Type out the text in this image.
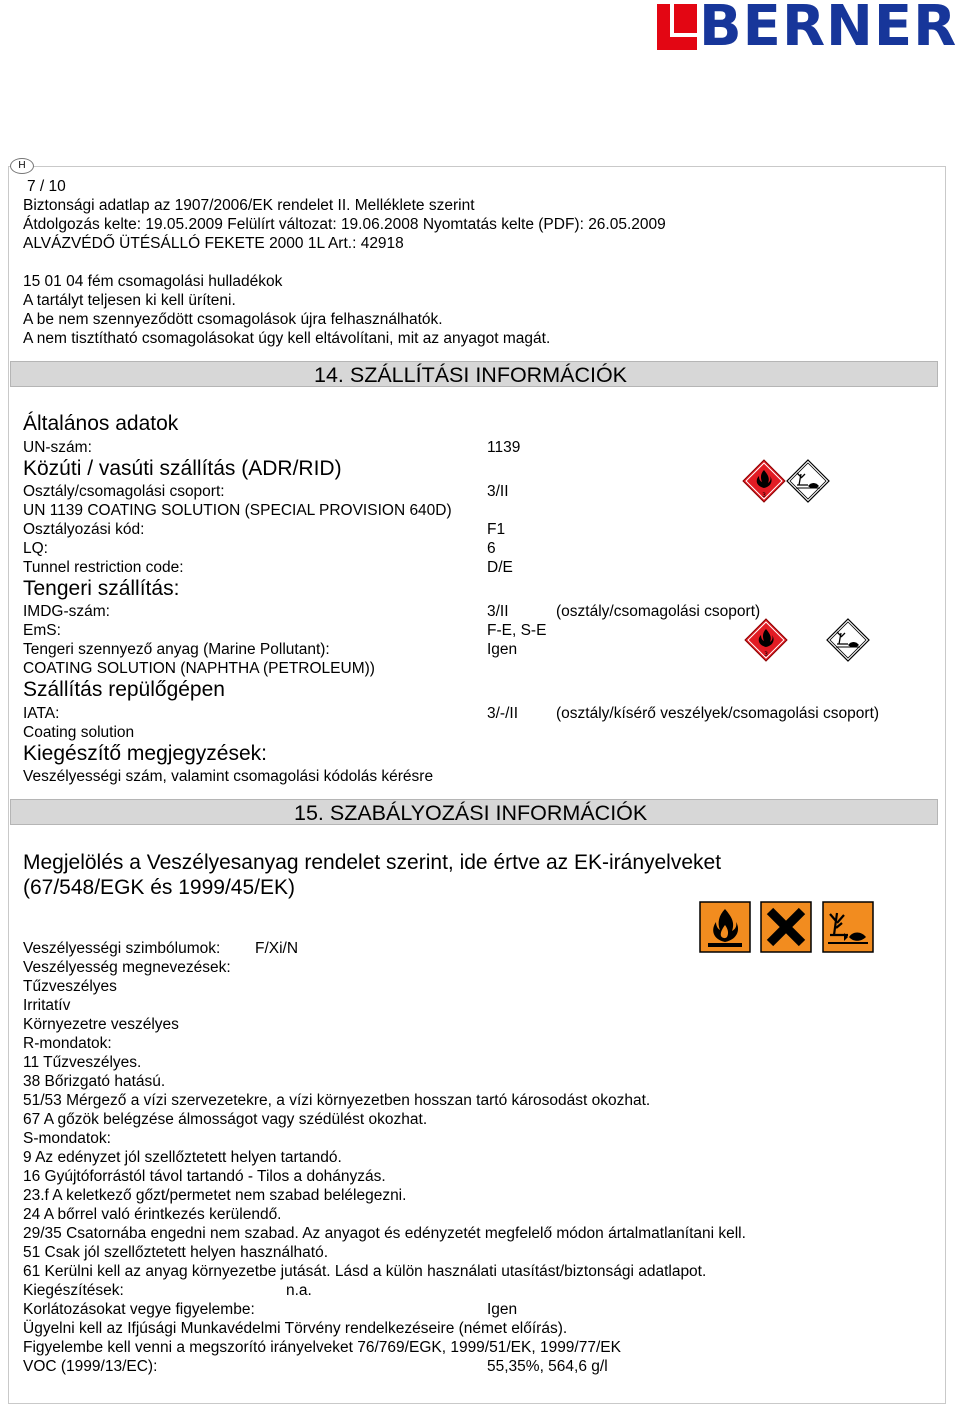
BERNER
H
7 / 10
Biztonsági adatlap az 1907/2006/EK rendelet II. Melléklete szerint
Átdolgozás kelte: 19.05.2009 Felülírt változat: 19.06.2008 Nyomtatás kelte (PDF): 26.05.2009
ALVÁZVÉDŐ ÜTÉSÁLLÓ FEKETE 2000 1L Art.: 42918
15 01 04 fém csomagolási hulladékok
A tartályt teljesen ki kell üríteni.
A be nem szennyeződött csomagolások újra felhasználhatók.
A nem tisztítható csomagolásokat úgy kell eltávolítani, mit az anyagot magát.
14. SZÁLLÍTÁSI INFORMÁCIÓK
Általános adatok
UN-szám:	1139
Közúti / vasúti szállítás (ADR/RID)
Osztály/csomagolási csoport:	3/II
UN 1139 COATING SOLUTION (SPECIAL PROVISION 640D)
Osztályozási kód:	F1
LQ:	6
Tunnel restriction code:	D/E
3
Tengeri szállítás:
IMDG-szám:	3/II	(osztály/csomagolási csoport)
EmS:	F-E, S-E
Tengeri szennyező anyag (Marine Pollutant):	Igen
COATING SOLUTION (NAPHTHA (PETROLEUM))
3
Szállítás repülőgépen
IATA:	3/-/II (osztály/kísérő veszélyek/csomagolási csoport)
Coating solution
Kiegészítő megjegyzések:
Veszélyességi szám, valamint csomagolási kódolás kérésre
15. SZABÁLYOZÁSI INFORMÁCIÓK
Megjelölés a Veszélyesanyag rendelet szerint, ide értve az EK-irányelveket
(67/548/EGK és 1999/45/EK)
Veszélyességi szimbólumok: F/Xi/N
Veszélyesség megnevezések:
Tűzveszélyes
Irritatív
Környezetre veszélyes
R-mondatok:
11 Tűzveszélyes.
38 Bőrizgató hatású.
51/53 Mérgező a vízi szervezetekre, a vízi környezetben hosszan tartó károsodást okozhat.
67 A gőzök belégzése álmosságot vagy szédülést okozhat.
S-mondatok:
9 Az edényzet jól szellőztetett helyen tartandó.
16 Gyújtóforrástól távol tartandó - Tilos a dohányzás.
23.f A keletkező gőzt/permetet nem szabad belélegezni.
24 A bőrrel való érintkezés kerülendő.
29/35 Csatornába engedni nem szabad. Az anyagot és edényzetét megfelelő módon ártalmatlanítani kell.
51 Csak jól szellőztetett helyen használható.
61 Kerülni kell az anyag környezetbe jutását. Lásd a külön használati utasítást/biztonsági adatlapot.
Kiegészítések:	n.a.
Korlátozásokat vegye figyelembe:	Igen
Ügyelni kell az Ifjúsági Munkavédelmi Törvény rendelkezéseire (német előírás).
Figyelembe kell venni a megszorító irányelveket 76/769/EGK, 1999/51/EK, 1999/77/EK
VOC (1999/13/EC):	55,35%, 564,6 g/l
